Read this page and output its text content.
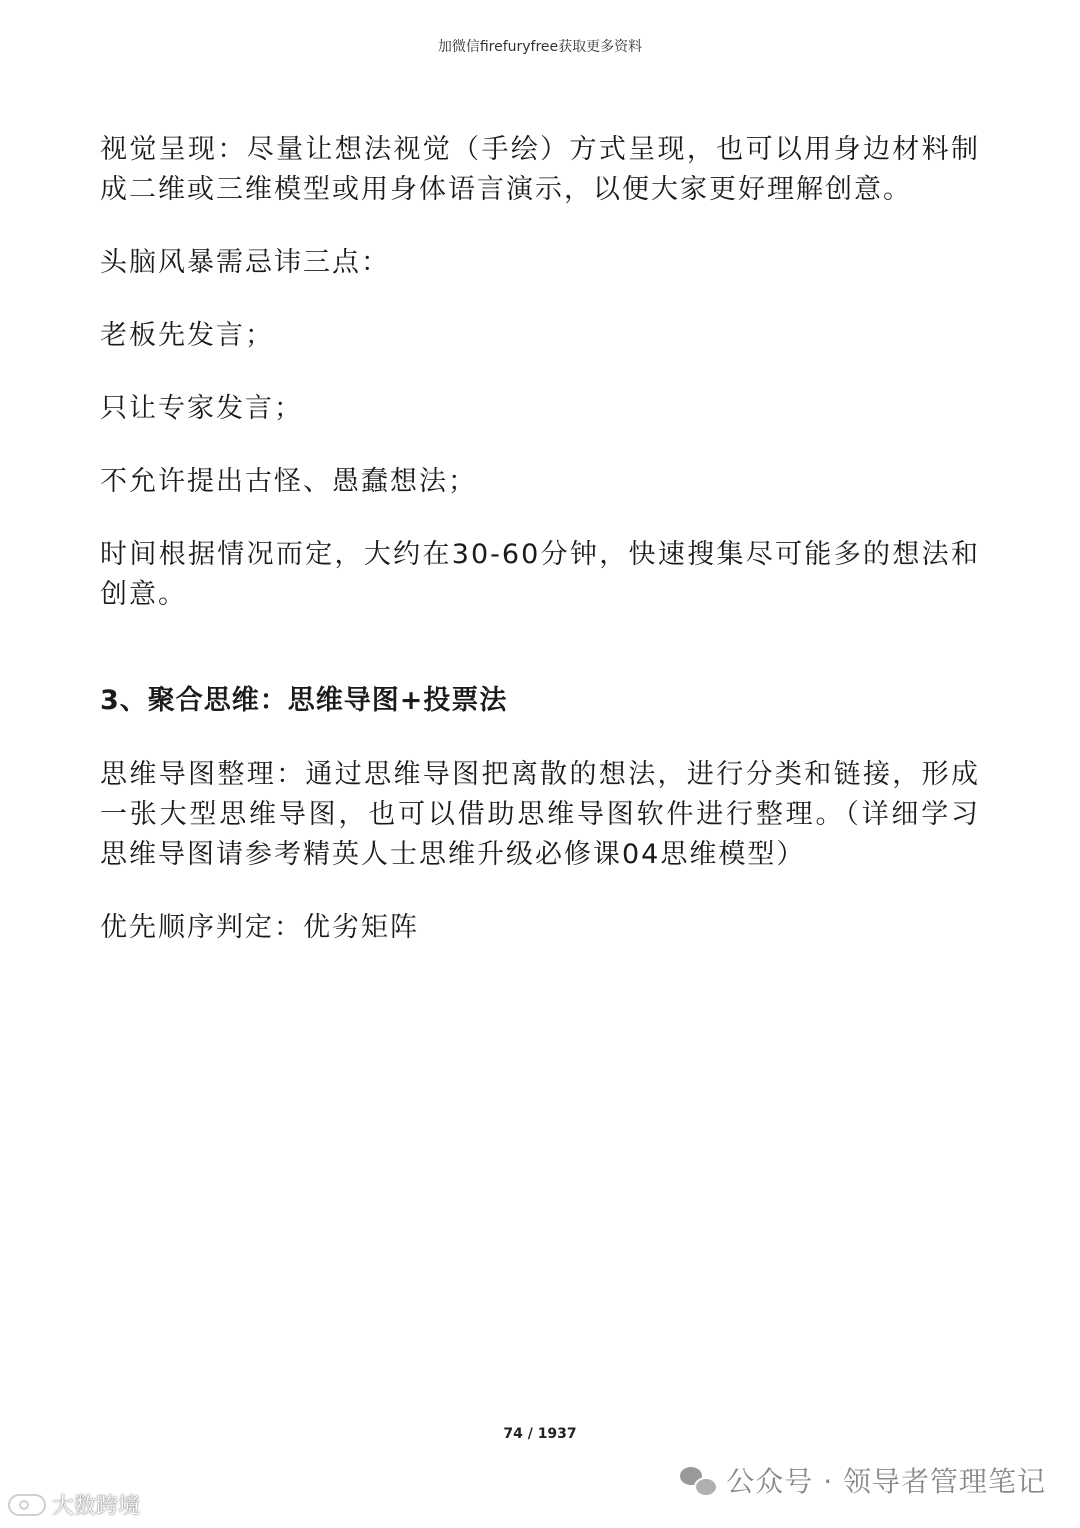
加微信firefuryfree获取更多资料

视觉呈现：尽量让想法视觉（手绘）方式呈现，也可以用身边材料制成二维或三维模型或用身体语言演示，以便大家更好理解创意。

头脑风暴需忌讳三点：

老板先发言；

只让专家发言；

不允许提出古怪、愚蠢想法；

时间根据情况而定，大约在30-60分钟，快速搜集尽可能多的想法和创意。

3、聚合思维：思维导图+投票法

思维导图整理：通过思维导图把离散的想法，进行分类和链接，形成一张大型思维导图，也可以借助思维导图软件进行整理。（详细学习思维导图请参考精英人士思维升级必修课04思维模型）

优先顺序判定：优劣矩阵

74 / 1937
公众号 · 领导者管理笔记
大数跨境
